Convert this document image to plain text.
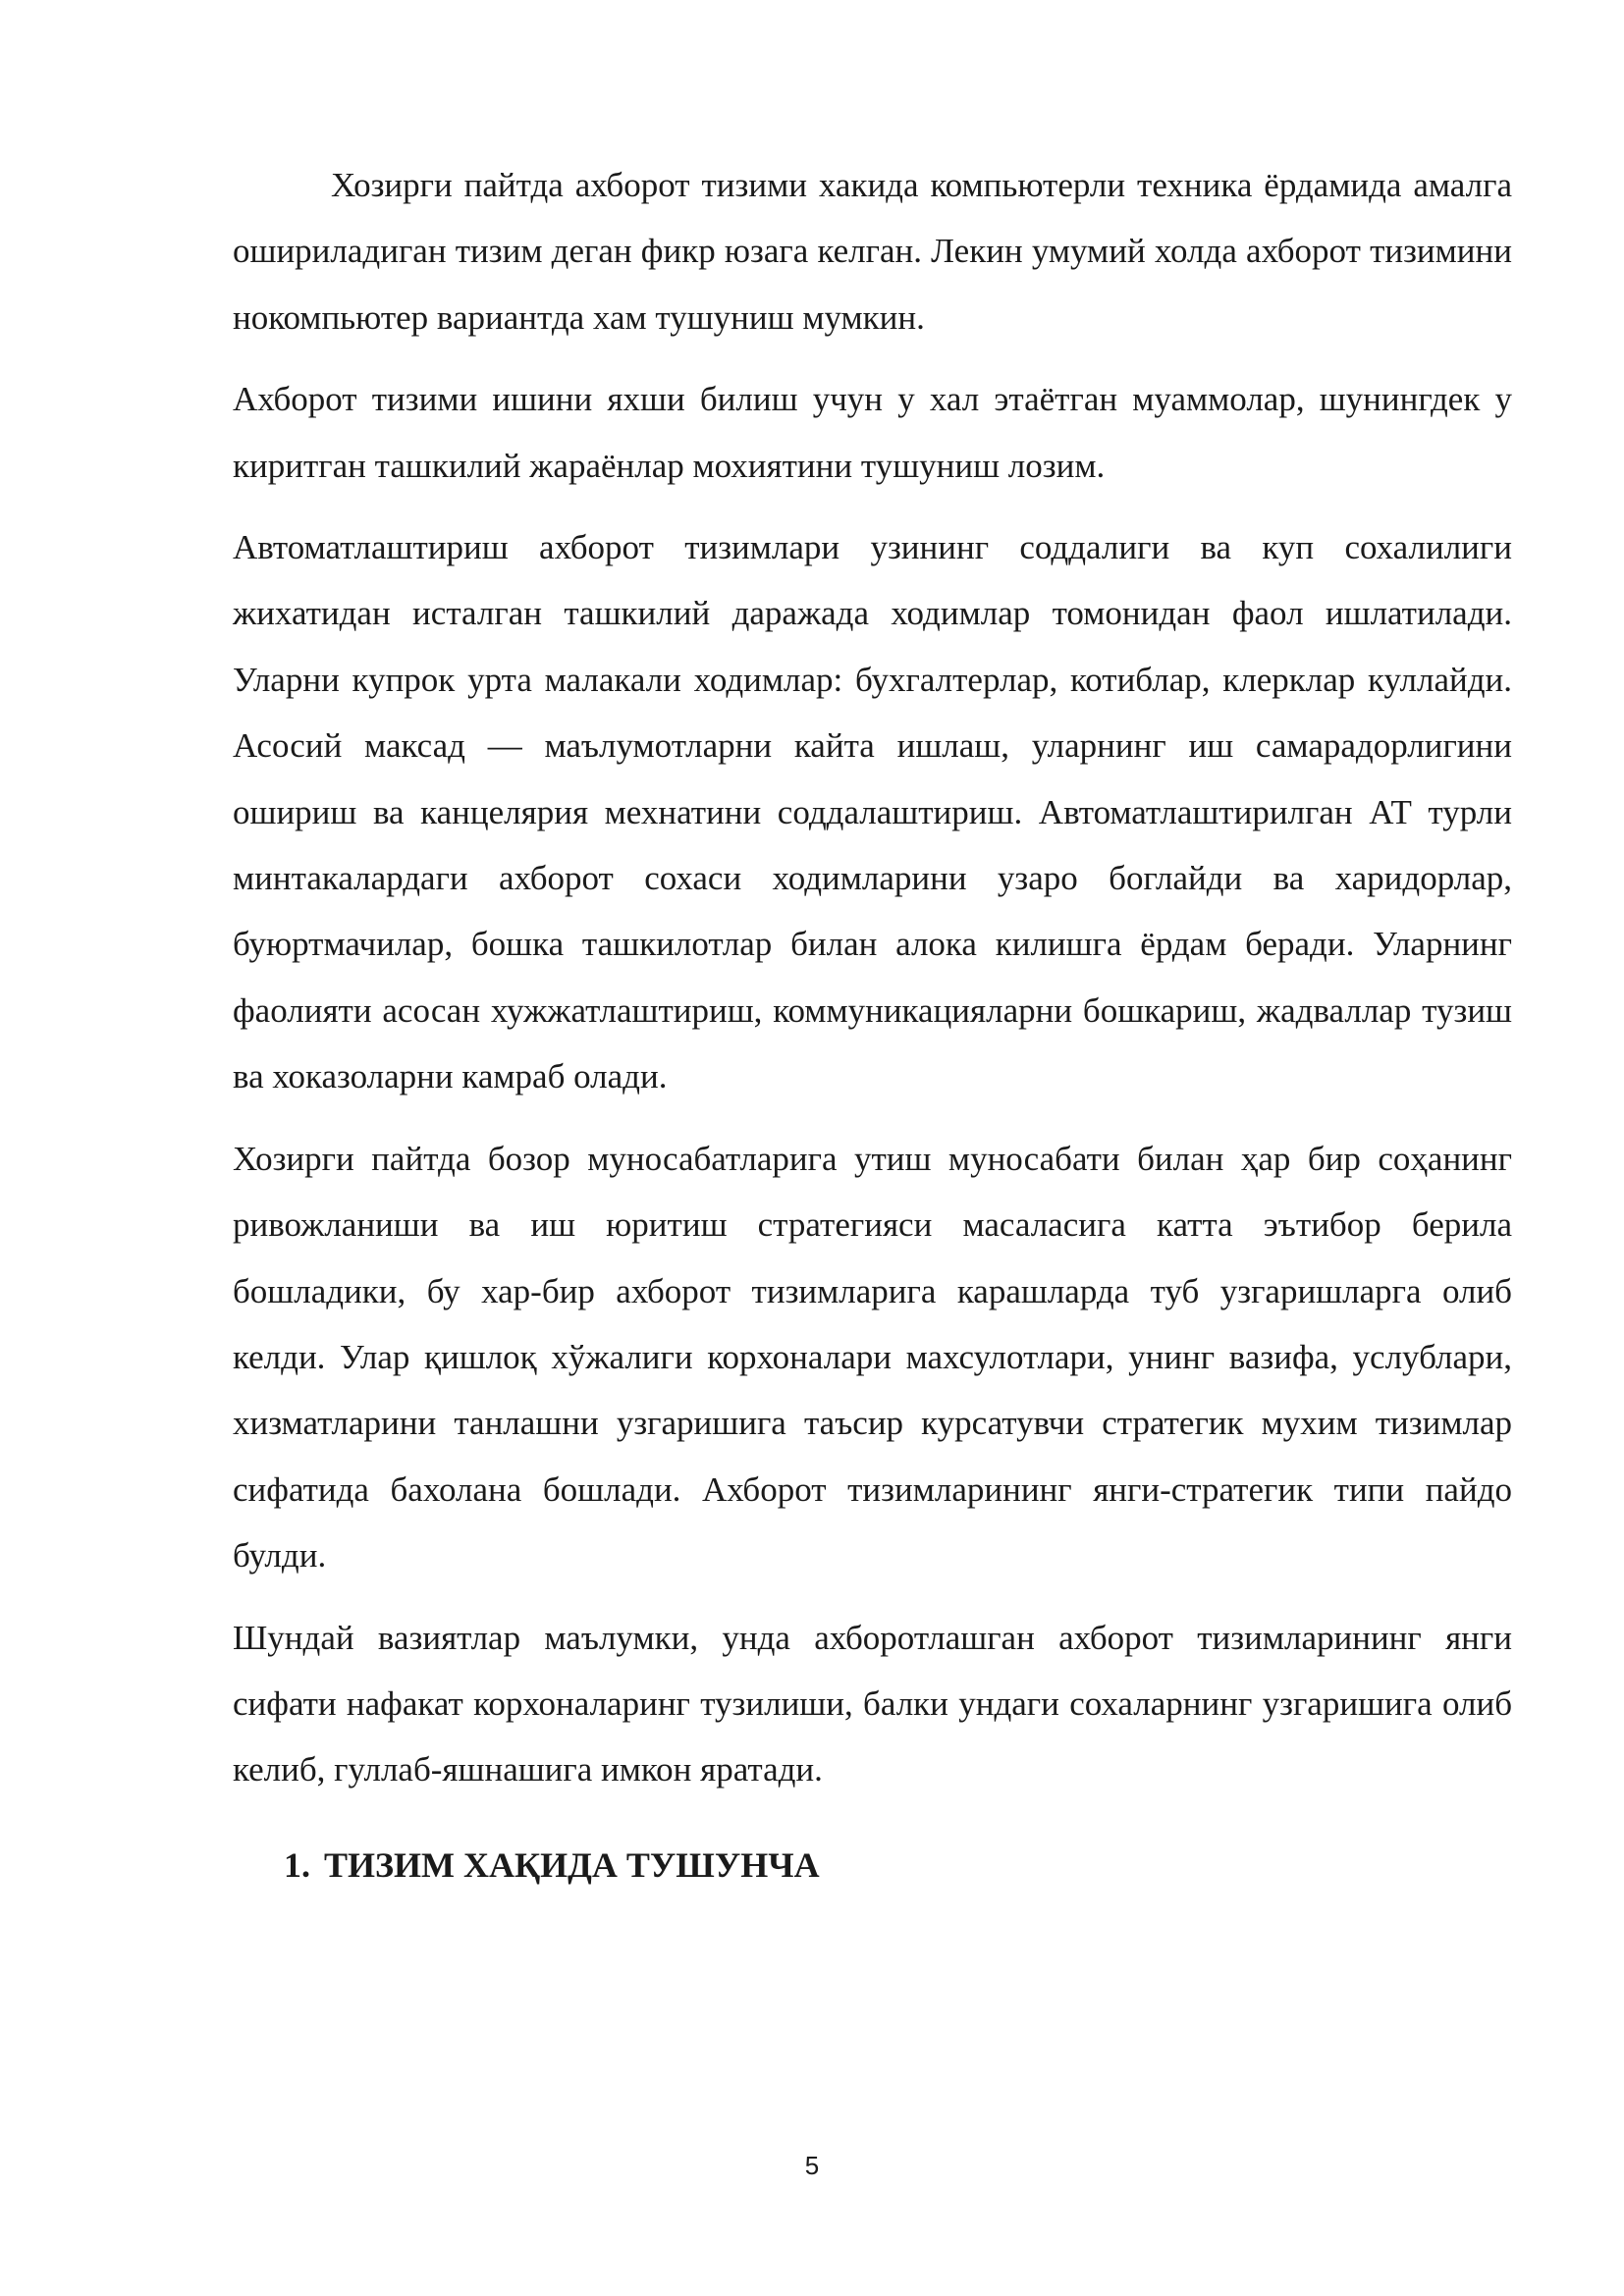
Хозирги пайтда ахборот тизими хакида компьютерли техника ёрдамида амалга ошириладиган тизим деган фикр юзага келган. Лекин умумий холда ахборот тизимини нокомпьютер вариантда хам тушуниш мумкин.

Ахборот тизими ишини яхши билиш учун у хал этаётган муаммолар, шунингдек у киритган ташкилий жараёнлар мохиятини тушуниш лозим.

Автоматлаштириш ахборот тизимлари узининг соддалиги ва куп сохалилиги жихатидан исталган ташкилий даражада ходимлар томонидан фаол ишлатилади. Уларни купрок урта малакали ходимлар: бухгалтерлар, котиблар, клерклар куллайди. Асосий максад — маълумотларни кайта ишлаш, уларнинг иш самарадорлигини ошириш ва канцелярия мехнатини соддалаштириш. Автоматлаштирилган АТ турли минтакалардаги ахборот сохаси ходимларини узаро боглайди ва харидорлар, буюртмачилар, бошка ташкилотлар билан алока килишга ёрдам беради. Уларнинг фаолияти асосан хужжатлаштириш, коммуникацияларни бошкариш, жадваллар тузиш ва хоказоларни камраб олади.

Хозирги пайтда бозор муносабатларига утиш муносабати билан ҳар бир соҳанинг ривожланиши ва иш юритиш стратегияси масаласига катта эътибор берила бошладики, бу хар-бир ахборот тизимларига карашларда туб узгаришларга олиб келди. Улар қишлоқ хўжалиги корхоналари махсулотлари, унинг вазифа, услублари, хизматларини танлашни узгаришига таъсир курсатувчи стратегик мухим тизимлар сифатида бахолана бошлади. Ахборот тизимларининг янги-стратегик типи пайдо булди.

Шундай вазиятлар маълумки, унда ахборотлашган ахборот тизимларининг янги сифати нафакат корхоналаринг тузилиши, балки ундаги сохаларнинг узгаришига олиб келиб, гуллаб-яшнашига имкон яратади.

1. ТИЗИМ ХАҚИДА ТУШУНЧА
5
